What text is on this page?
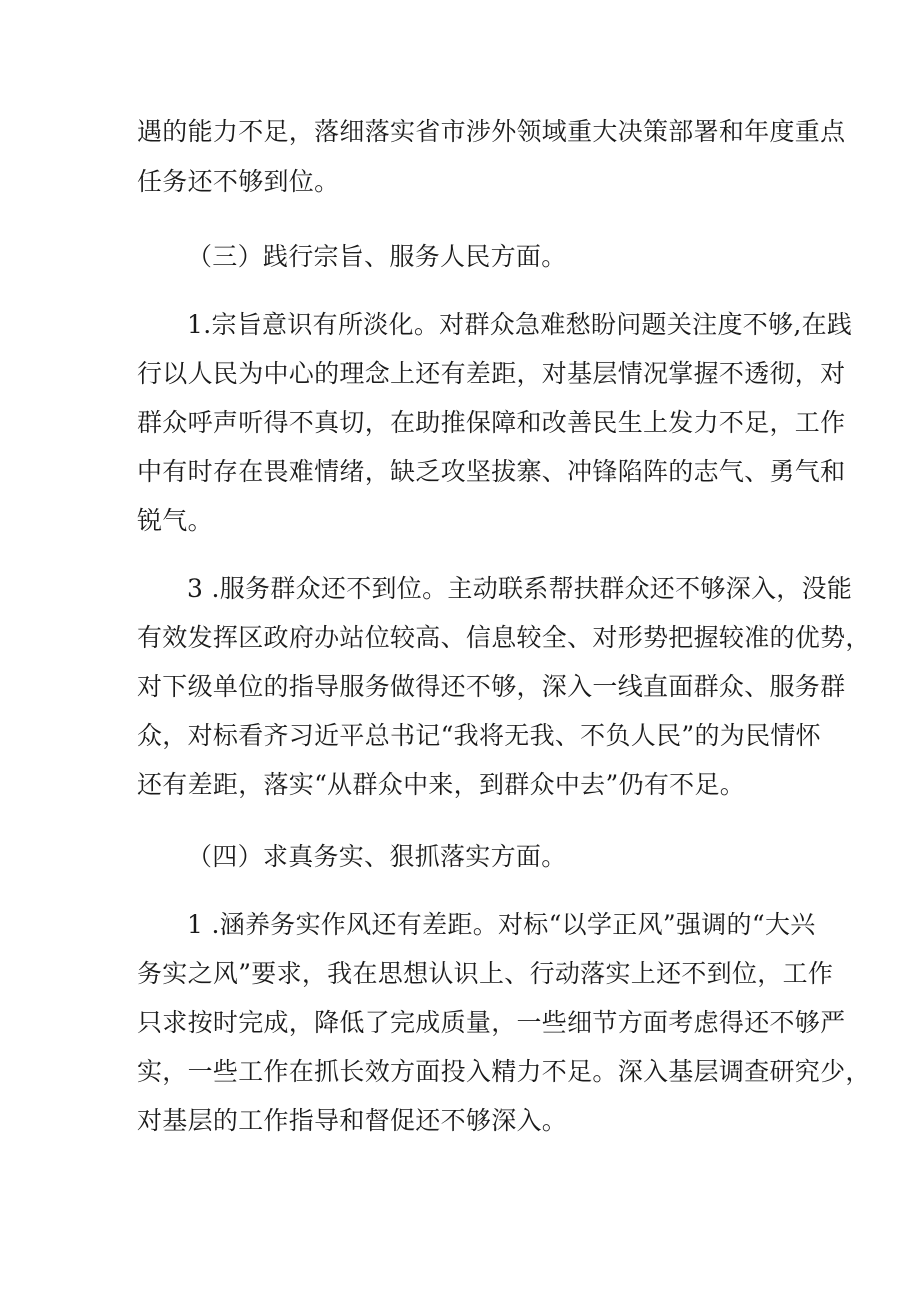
遇的能力不足，落细落实省市涉外领域重大决策部署和年度重点
任务还不够到位。
（三）践行宗旨、服务人民方面。
1.宗旨意识有所淡化。对群众急难愁盼问题关注度不够,在践
行以人民为中心的理念上还有差距，对基层情况掌握不透彻，对
群众呼声听得不真切，在助推保障和改善民生上发力不足，工作
中有时存在畏难情绪，缺乏攻坚拔寨、冲锋陷阵的志气、勇气和
锐气。
3 .服务群众还不到位。主动联系帮扶群众还不够深入，没能
有效发挥区政府办站位较高、信息较全、对形势把握较准的优势，
对下级单位的指导服务做得还不够，深入一线直面群众、服务群
众，对标看齐习近平总书记“我将无我、不负人民”的为民情怀
还有差距，落实“从群众中来，到群众中去”仍有不足。
（四）求真务实、狠抓落实方面。
1 .涵养务实作风还有差距。对标“以学正风”强调的“大兴
务实之风”要求，我在思想认识上、行动落实上还不到位，工作
只求按时完成，降低了完成质量，一些细节方面考虑得还不够严
实，一些工作在抓长效方面投入精力不足。深入基层调查研究少，
对基层的工作指导和督促还不够深入。
